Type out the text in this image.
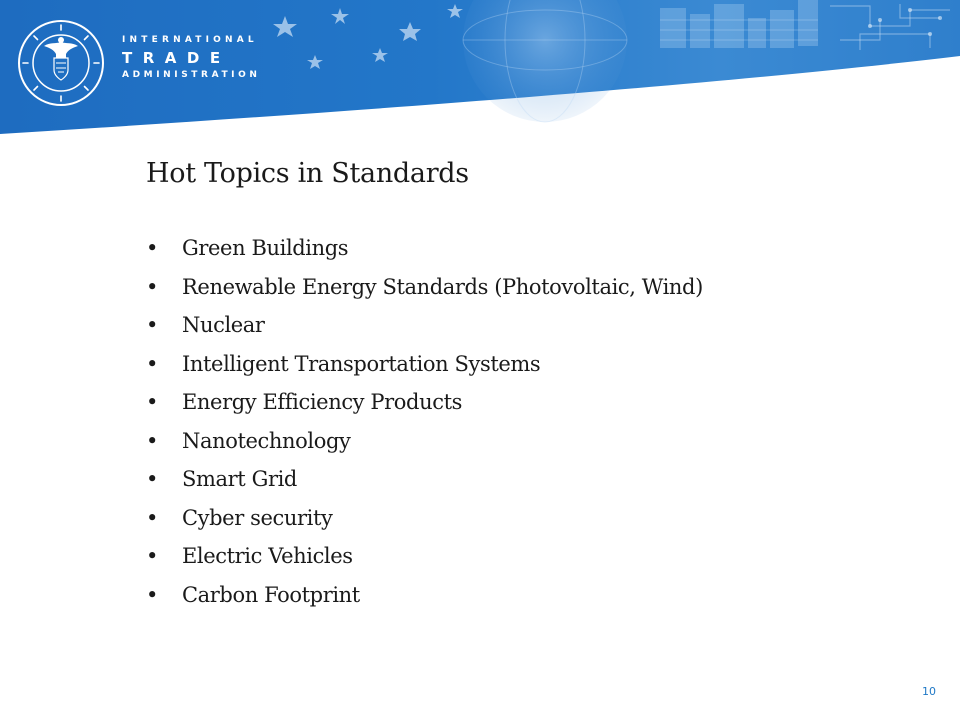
INTERNATIONAL
TRADE
ADMINISTRATION
Hot Topics in Standards
• Green Buildings
• Renewable Energy Standards (Photovoltaic, Wind)
• Nuclear
• Intelligent Transportation Systems
• Energy Efficiency Products
• Nanotechnology
• Smart Grid
• Cyber security
• Electric Vehicles
• Carbon Footprint
10
